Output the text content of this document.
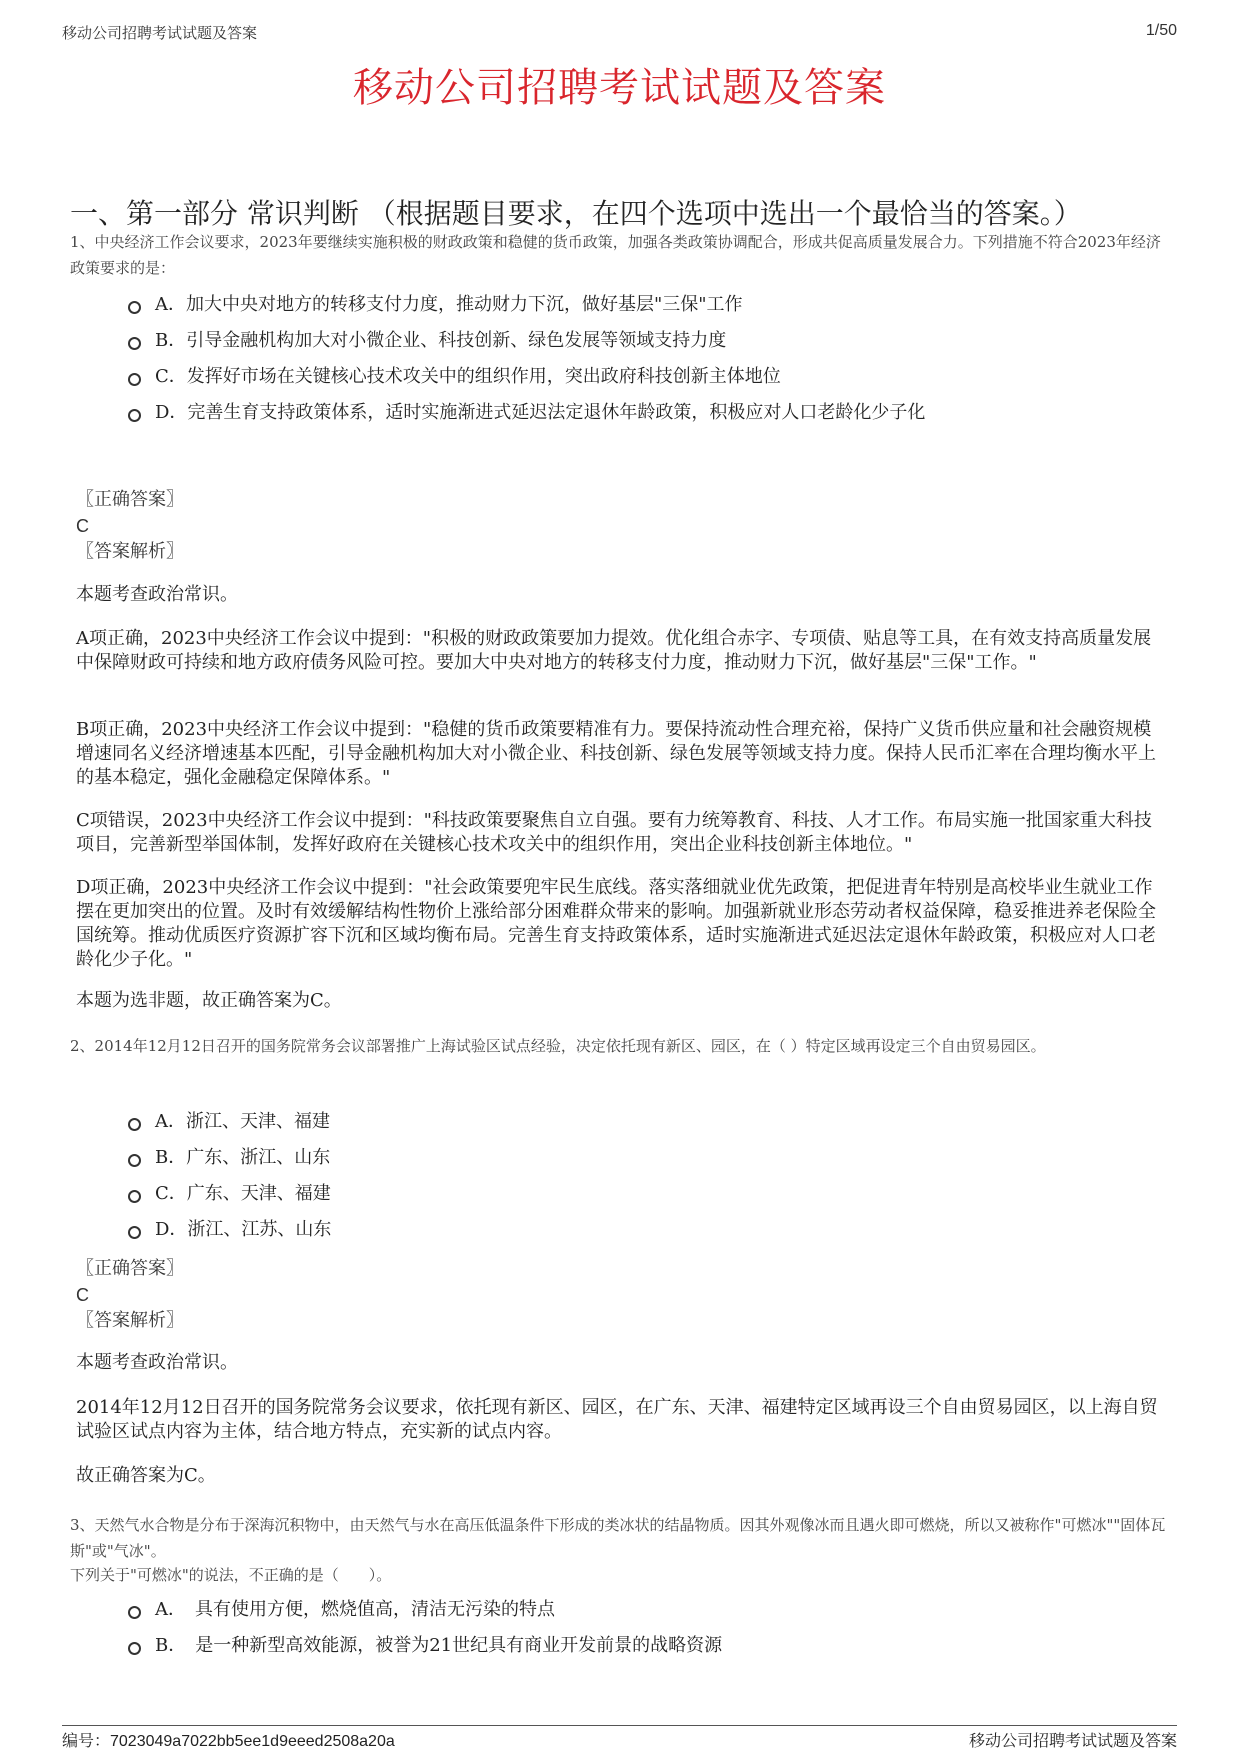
移动公司招聘考试试题及答案	1/50
移动公司招聘考试试题及答案
一、第一部分 常识判断 （根据题目要求，在四个选项中选出一个最恰当的答案。）
1、中央经济工作会议要求，2023年要继续实施积极的财政政策和稳健的货币政策，加强各类政策协调配合，形成共促高质量发展合力。下列措施不符合2023年经济政策要求的是：
A．加大中央对地方的转移支付力度，推动财力下沉，做好基层"三保"工作
B．引导金融机构加大对小微企业、科技创新、绿色发展等领域支持力度
C．发挥好市场在关键核心技术攻关中的组织作用，突出政府科技创新主体地位
D．完善生育支持政策体系，适时实施渐进式延迟法定退休年龄政策，积极应对人口老龄化少子化
〖正确答案〗
C
〖答案解析〗
本题考查政治常识。
A项正确，2023中央经济工作会议中提到："积极的财政政策要加力提效。优化组合赤字、专项债、贴息等工具，在有效支持高质量发展中保障财政可持续和地方政府债务风险可控。要加大中央对地方的转移支付力度，推动财力下沉，做好基层"三保"工作。"
B项正确，2023中央经济工作会议中提到："稳健的货币政策要精准有力。要保持流动性合理充裕，保持广义货币供应量和社会融资规模增速同名义经济增速基本匹配，引导金融机构加大对小微企业、科技创新、绿色发展等领域支持力度。保持人民币汇率在合理均衡水平上的基本稳定，强化金融稳定保障体系。"
C项错误，2023中央经济工作会议中提到："科技政策要聚焦自立自强。要有力统筹教育、科技、人才工作。布局实施一批国家重大科技项目，完善新型举国体制，发挥好政府在关键核心技术攻关中的组织作用，突出企业科技创新主体地位。"
D项正确，2023中央经济工作会议中提到："社会政策要兜牢民生底线。落实落细就业优先政策，把促进青年特别是高校毕业生就业工作摆在更加突出的位置。及时有效缓解结构性物价上涨给部分困难群众带来的影响。加强新就业形态劳动者权益保障，稳妥推进养老保险全国统筹。推动优质医疗资源扩容下沉和区域均衡布局。完善生育支持政策体系，适时实施渐进式延迟法定退休年龄政策，积极应对人口老龄化少子化。"
本题为选非题，故正确答案为C。
2、2014年12月12日召开的国务院常务会议部署推广上海试验区试点经验，决定依托现有新区、园区，在（ ）特定区域再设定三个自由贸易园区。
A．浙江、天津、福建
B．广东、浙江、山东
C．广东、天津、福建
D．浙江、江苏、山东
〖正确答案〗
C
〖答案解析〗
本题考查政治常识。
2014年12月12日召开的国务院常务会议要求，依托现有新区、园区，在广东、天津、福建特定区域再设三个自由贸易园区，以上海自贸试验区试点内容为主体，结合地方特点，充实新的试点内容。
故正确答案为C。
3、天然气水合物是分布于深海沉积物中，由天然气与水在高压低温条件下形成的类冰状的结晶物质。因其外观像冰而且遇火即可燃烧，所以又被称作"可燃冰""固体瓦斯"或"气冰"。
下列关于"可燃冰"的说法，不正确的是（　　）。
A．　具有使用方便，燃烧值高，清洁无污染的特点
B．　是一种新型高效能源，被誉为21世纪具有商业开发前景的战略资源
编号：7023049a7022bb5ee1d9eeed2508a20a	移动公司招聘考试试题及答案
